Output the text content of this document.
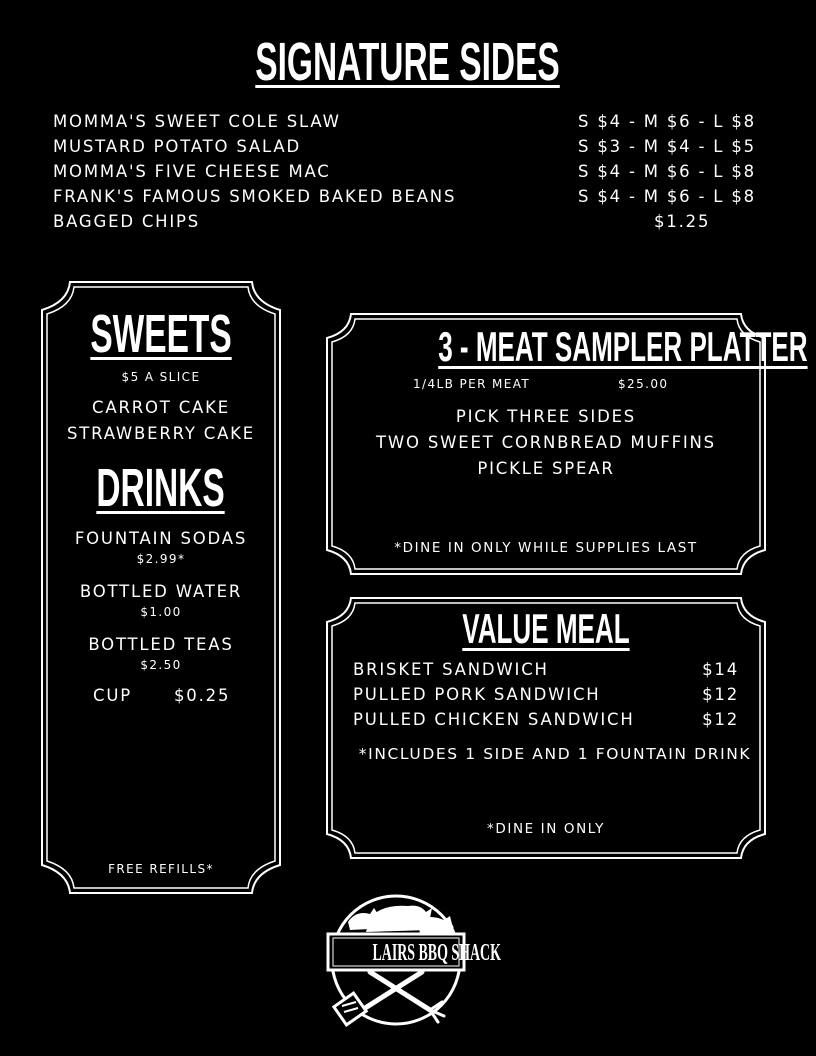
SIGNATURE SIDES
MOMMA'S SWEET COLE SLAW	S $4 - M $6 - L $8
MUSTARD POTATO SALAD	S $3 - M $4 - L $5
MOMMA'S FIVE CHEESE MAC	S $4 - M $6 - L $8
FRANK'S FAMOUS SMOKED BAKED BEANS	S $4 - M $6 - L $8
BAGGED CHIPS	$1.25
SWEETS
$5 A SLICE
CARROT CAKE
STRAWBERRY CAKE
DRINKS
FOUNTAIN SODAS
$2.99*
BOTTLED WATER
$1.00
BOTTLED TEAS
$2.50
CUP	$0.25
FREE REFILLS*
3 - MEAT SAMPLER PLATTER
1/4LB PER MEAT	$25.00
PICK THREE SIDES
TWO SWEET CORNBREAD MUFFINS
PICKLE SPEAR
*DINE IN ONLY WHILE SUPPLIES LAST
VALUE MEAL
BRISKET SANDWICH	$14
PULLED PORK SANDWICH	$12
PULLED CHICKEN SANDWICH	$12
*INCLUDES 1 SIDE AND 1 FOUNTAIN DRINK
*DINE IN ONLY
LAIRS BBQ SHACK
